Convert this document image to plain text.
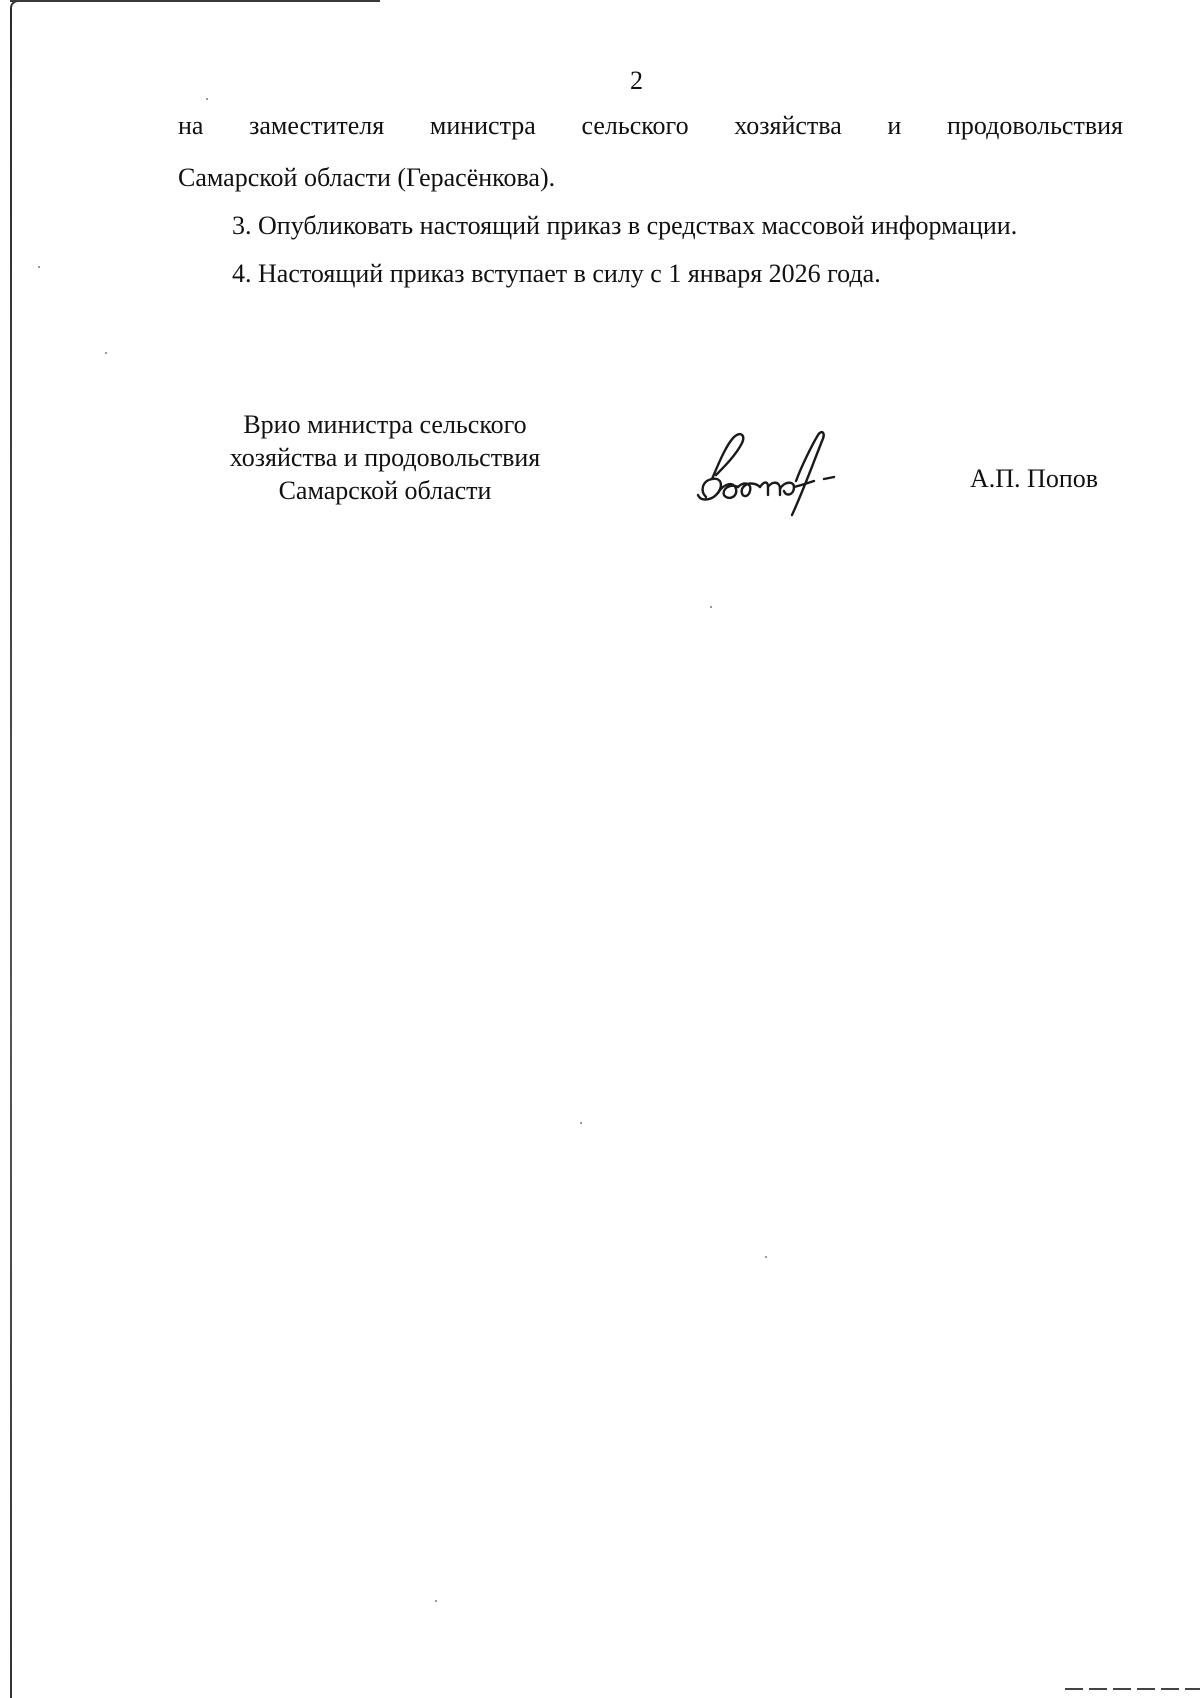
2
на заместителя министра сельского хозяйства и продовольствия
Самарской области (Герасёнкова).
3. Опубликовать настоящий приказ в средствах массовой информации.
4. Настоящий приказ вступает в силу с 1 января 2026 года.
Врио министра сельского
хозяйства и продовольствия
Самарской области	А.П. Попов
